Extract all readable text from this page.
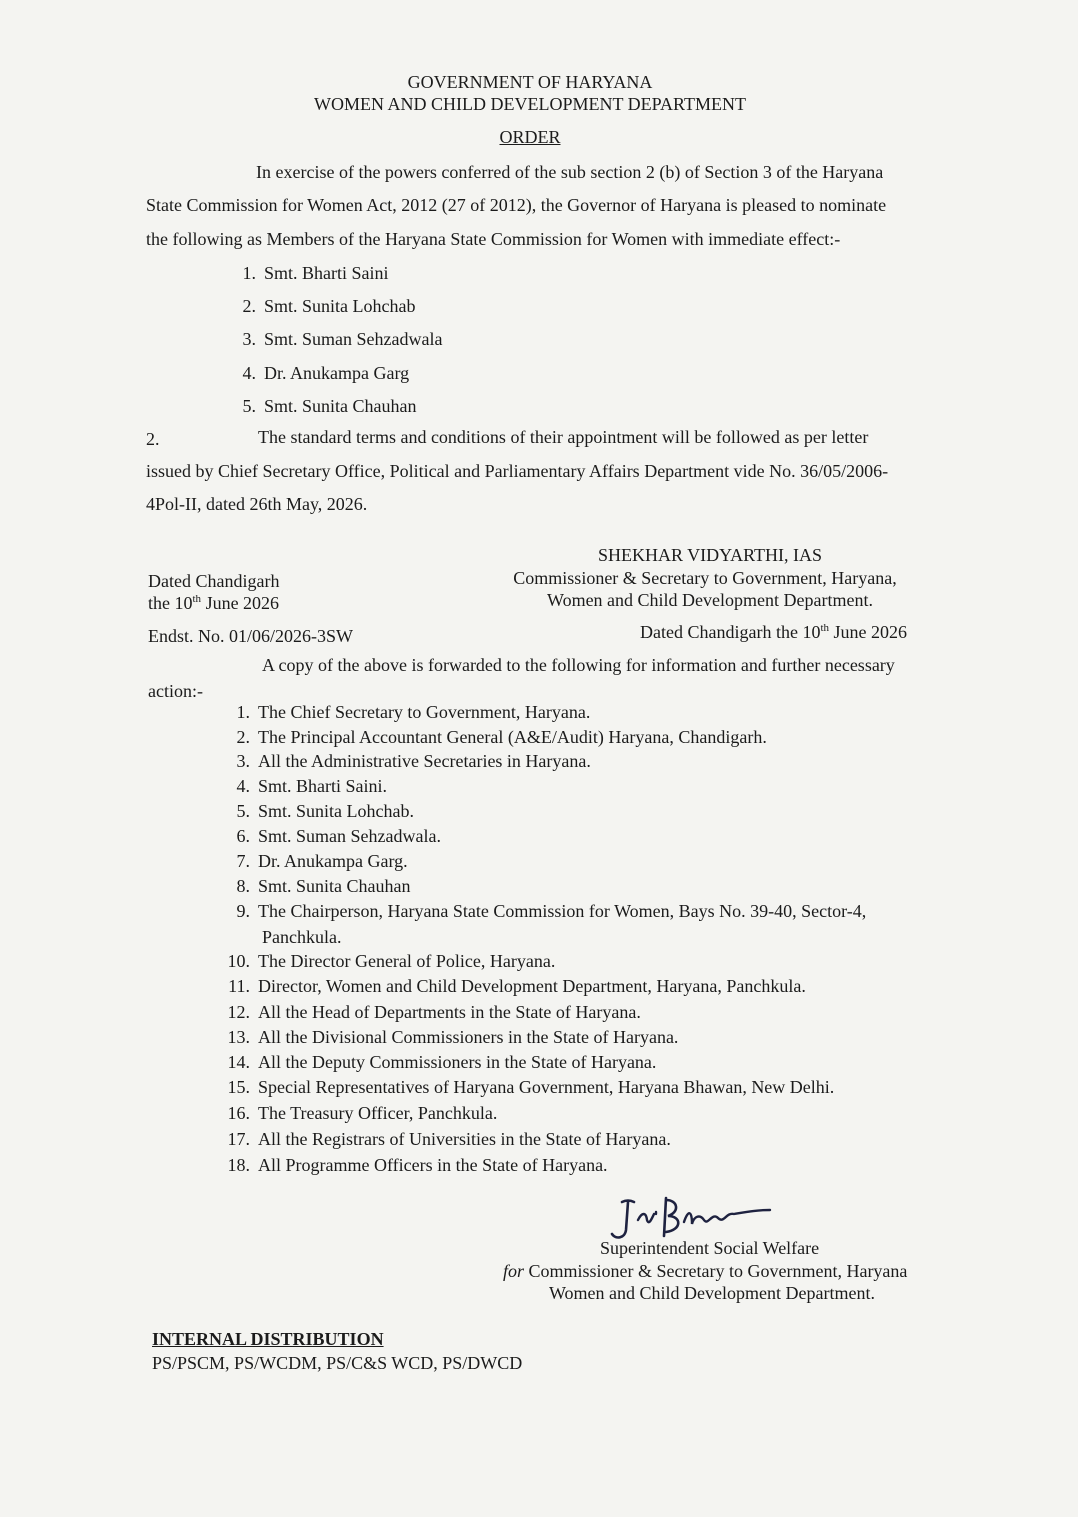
GOVERNMENT OF HARYANA
WOMEN AND CHILD DEVELOPMENT DEPARTMENT
ORDER
In exercise of the powers conferred of the sub section 2 (b) of Section 3 of the Haryana
State Commission for Women Act, 2012 (27 of 2012), the Governor of Haryana is pleased to nominate
the following as Members of the Haryana State Commission for Women with immediate effect:-
1. Smt. Bharti Saini
2. Smt. Sunita Lohchab
3. Smt. Suman Sehzadwala
4. Dr. Anukampa Garg
5. Smt. Sunita Chauhan
2.	The standard terms and conditions of their appointment will be followed as per letter
issued by Chief Secretary Office, Political and Parliamentary Affairs Department vide No. 36/05/2006-
4Pol-II, dated 26th May, 2026.
SHEKHAR VIDYARTHI, IAS
Commissioner & Secretary to Government, Haryana,
Women and Child Development Department.
Dated Chandigarh
the 10th June 2026
Endst. No. 01/06/2026-3SW	Dated Chandigarh the 10th June 2026
A copy of the above is forwarded to the following for information and further necessary
action:-
1. The Chief Secretary to Government, Haryana.
2. The Principal Accountant General (A&E/Audit) Haryana, Chandigarh.
3. All the Administrative Secretaries in Haryana.
4. Smt. Bharti Saini.
5. Smt. Sunita Lohchab.
6. Smt. Suman Sehzadwala.
7. Dr. Anukampa Garg.
8. Smt. Sunita Chauhan
9. The Chairperson, Haryana State Commission for Women, Bays No. 39-40, Sector-4,
Panchkula.
10. The Director General of Police, Haryana.
11. Director, Women and Child Development Department, Haryana, Panchkula.
12. All the Head of Departments in the State of Haryana.
13. All the Divisional Commissioners in the State of Haryana.
14. All the Deputy Commissioners in the State of Haryana.
15. Special Representatives of Haryana Government, Haryana Bhawan, New Delhi.
16. The Treasury Officer, Panchkula.
17. All the Registrars of Universities in the State of Haryana.
18. All Programme Officers in the State of Haryana.
Superintendent Social Welfare
for Commissioner & Secretary to Government, Haryana
Women and Child Development Department.
INTERNAL DISTRIBUTION
PS/PSCM, PS/WCDM, PS/C&S WCD, PS/DWCD
